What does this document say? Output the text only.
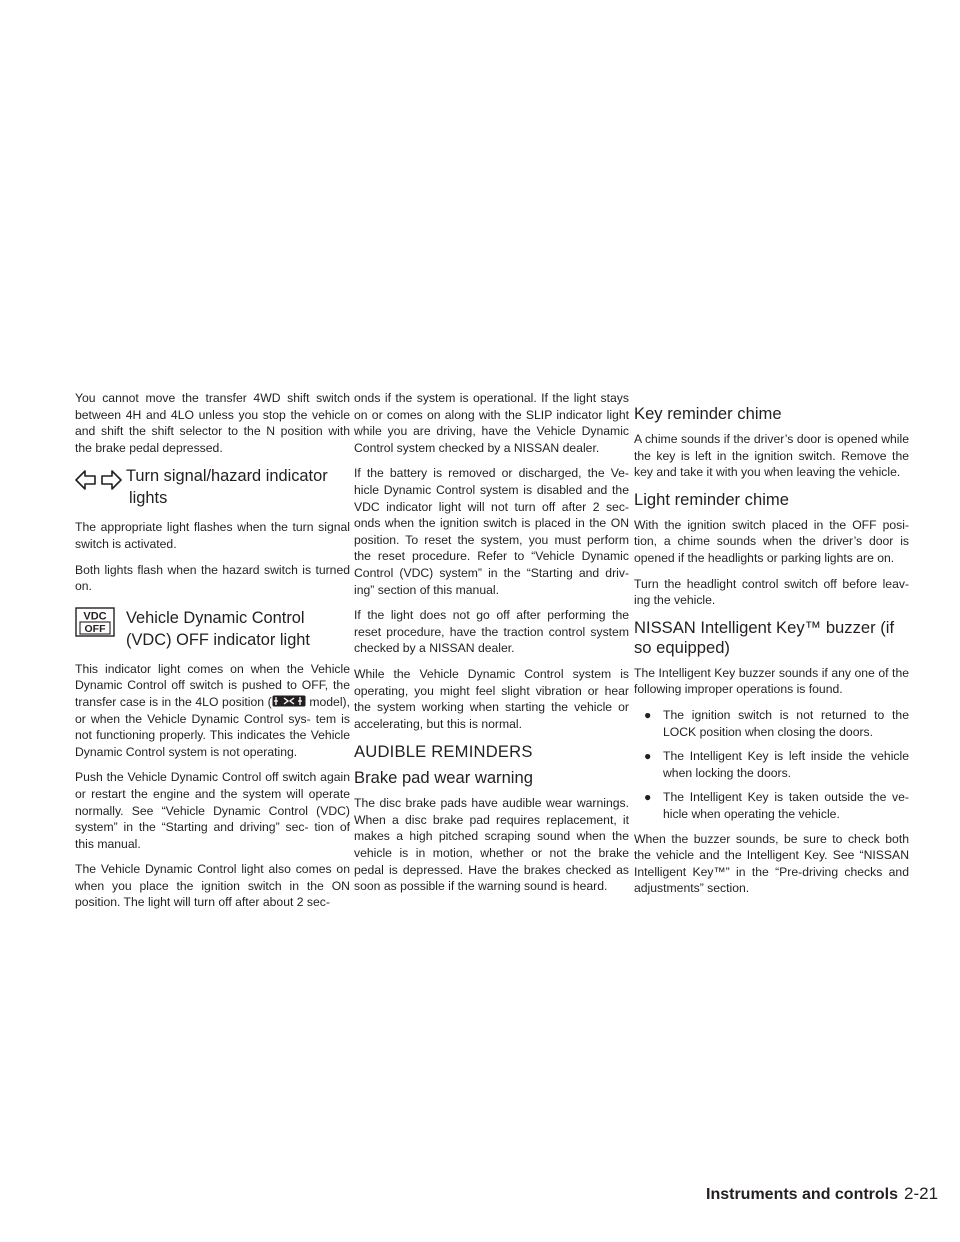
You cannot move the transfer 4WD shift switch between 4H and 4LO unless you stop the vehicle and shift the shift selector to the N position with the brake pedal depressed.

Turn signal/hazard indicator
lights

The appropriate light flashes when the turn signal switch is activated.

Both lights flash when the hazard switch is turned on.

VDC
OFF
Vehicle Dynamic Control
(VDC) OFF indicator light

This indicator light comes on when the Vehicle Dynamic Control off switch is pushed to OFF, the transfer case is in the 4LO position (	model), or when the Vehicle Dynamic Control sys- tem is not functioning properly. This indicates the Vehicle Dynamic Control system is not operating.

Push the Vehicle Dynamic Control off switch again or restart the engine and the system will operate normally. See “Vehicle Dynamic Control (VDC) system” in the “Starting and driving” sec- tion of this manual.

The Vehicle Dynamic Control light also comes on when you place the ignition switch in the ON position. The light will turn off after about 2 sec-

onds if the system is operational. If the light stays on or comes on along with the SLIP indicator light while you are driving, have the Vehicle Dynamic Control system checked by a NISSAN dealer.

If the battery is removed or discharged, the Ve- hicle Dynamic Control system is disabled and the VDC indicator light will not turn off after 2 sec- onds when the ignition switch is placed in the ON position. To reset the system, you must perform the reset procedure. Refer to “Vehicle Dynamic Control (VDC) system” in the “Starting and driv- ing” section of this manual.

If the light does not go off after performing the reset procedure, have the traction control system checked by a NISSAN dealer.

While the Vehicle Dynamic Control system is operating, you might feel slight vibration or hear the system working when starting the vehicle or accelerating, but this is normal.

AUDIBLE REMINDERS
Brake pad wear warning

The disc brake pads have audible wear warnings. When a disc brake pad requires replacement, it makes a high pitched scraping sound when the vehicle is in motion, whether or not the brake pedal is depressed. Have the brakes checked as soon as possible if the warning sound is heard.

Key reminder chime

A chime sounds if the driver’s door is opened while the key is left in the ignition switch. Remove the key and take it with you when leaving the vehicle.

Light reminder chime

With the ignition switch placed in the OFF posi- tion, a chime sounds when the driver’s door is opened if the headlights or parking lights are on.

Turn the headlight control switch off before leav- ing the vehicle.

NISSAN Intelligent Key™ buzzer (if so equipped)

The Intelligent Key buzzer sounds if any one of the following improper operations is found.

● The ignition switch is not returned to the LOCK position when closing the doors.
● The Intelligent Key is left inside the vehicle when locking the doors.
● The Intelligent Key is taken outside the ve- hicle when operating the vehicle.

When the buzzer sounds, be sure to check both the vehicle and the Intelligent Key. See “NISSAN Intelligent Key™” in the “Pre-driving checks and adjustments” section.

Instruments and controls 2-21
